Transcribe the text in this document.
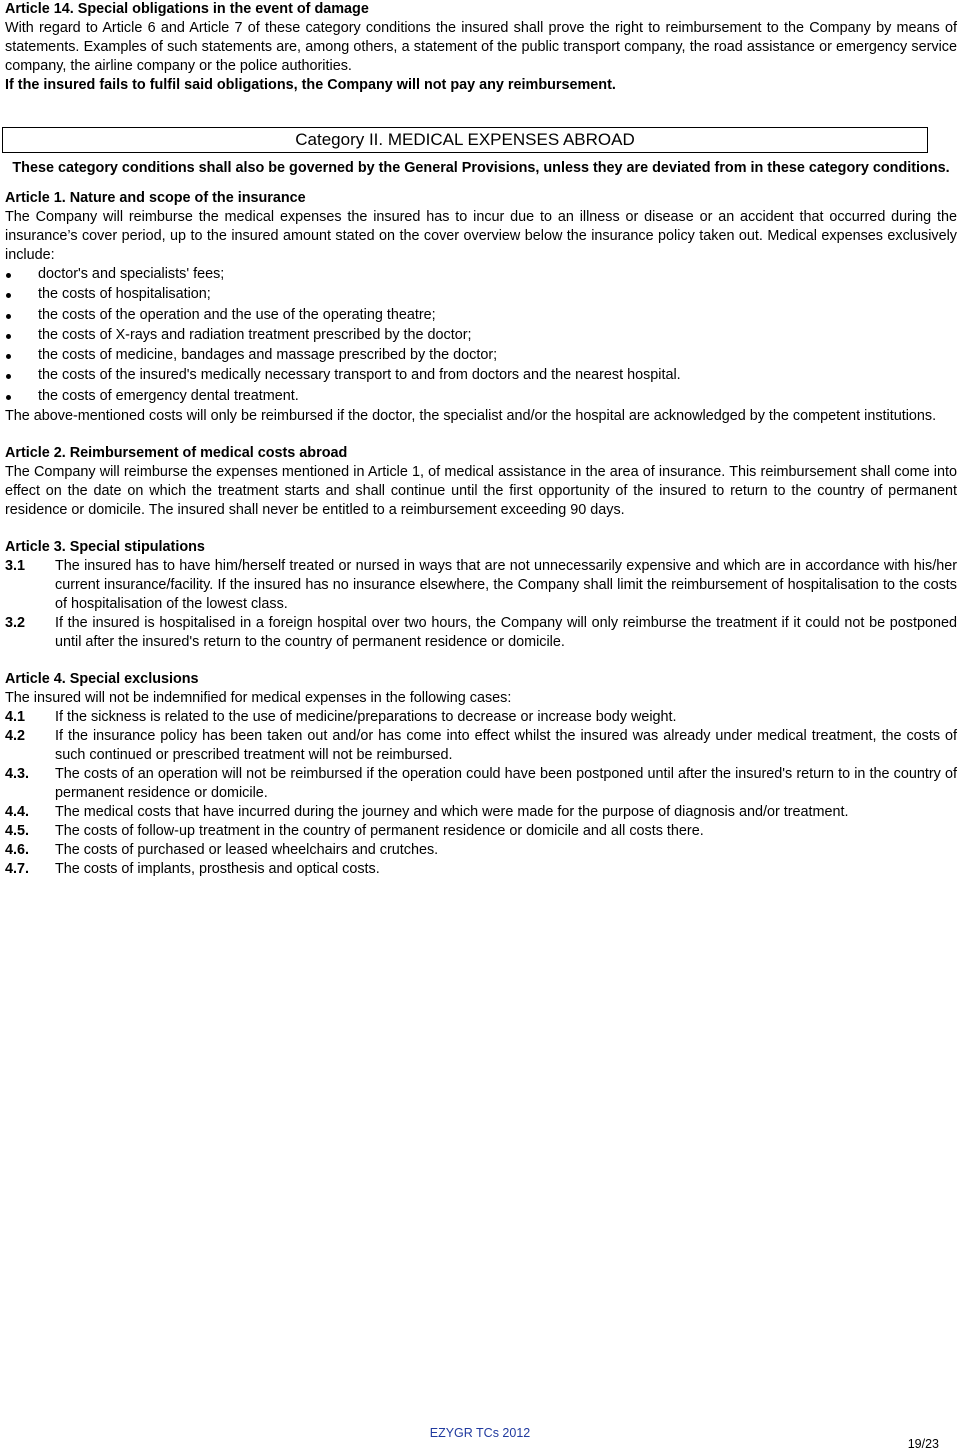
Article 14. Special obligations in the event of damage

With regard to Article 6 and Article 7 of these category conditions the insured shall prove the right to reimbursement to the Company by means of statements. Examples of such statements are, among others, a statement of the public transport company, the road assistance or emergency service company, the airline company or the police authorities.

If the insured fails to fulfil said obligations, the Company will not pay any reimbursement.

Category II. MEDICAL EXPENSES ABROAD

These category conditions shall also be governed by the General Provisions, unless they are deviated from in these category conditions.

Article 1. Nature and scope of the insurance

The Company will reimburse the medical expenses the insured has to incur due to an illness or disease or an accident that occurred during the insurance’s cover period, up to the insured amount stated on the cover overview below the insurance policy taken out. Medical expenses exclusively include:

doctor's and specialists' fees;
the costs of hospitalisation;
the costs of the operation and the use of the operating theatre;
the costs of X-rays and radiation treatment prescribed by the doctor;
the costs of medicine, bandages and massage prescribed by the doctor;
the costs of the insured's medically necessary transport to and from doctors and the nearest hospital.
the costs of emergency dental treatment.

The above-mentioned costs will only be reimbursed if the doctor, the specialist and/or the hospital are acknowledged by the competent institutions.

Article 2. Reimbursement of medical costs abroad

The Company will reimburse the expenses mentioned in Article 1, of medical assistance in the area of insurance. This reimbursement shall come into effect on the date on which the treatment starts and shall continue until the first opportunity of the insured to return to the country of permanent residence or domicile. The insured shall never be entitled to a reimbursement exceeding 90 days.

Article 3. Special stipulations

3.1	The insured has to have him/herself treated or nursed in ways that are not unnecessarily expensive and which are in accordance with his/her current insurance/facility. If the insured has no insurance elsewhere, the Company shall limit the reimbursement of hospitalisation to the costs of hospitalisation of the lowest class.
3.2	If the insured is hospitalised in a foreign hospital over two hours, the Company will only reimburse the treatment if it could not be postponed until after the insured's return to the country of permanent residence or domicile.

Article 4. Special exclusions

The insured will not be indemnified for medical expenses in the following cases:

4.1	If the sickness is related to the use of medicine/preparations to decrease or increase body weight.
4.2	If the insurance policy has been taken out and/or has come into effect whilst the insured was already under medical treatment, the costs of such continued or prescribed treatment will not be reimbursed.
4.3.	The costs of an operation will not be reimbursed if the operation could have been postponed until after the insured's return to in the country of permanent residence or domicile.
4.4.	The medical costs that have incurred during the journey and which were made for the purpose of diagnosis and/or treatment.
4.5.	The costs of follow-up treatment in the country of permanent residence or domicile and all costs there.
4.6.	The costs of purchased or leased wheelchairs and crutches.
4.7.	The costs of implants, prosthesis and optical costs.
EZYGR TCs 2012
19/23
